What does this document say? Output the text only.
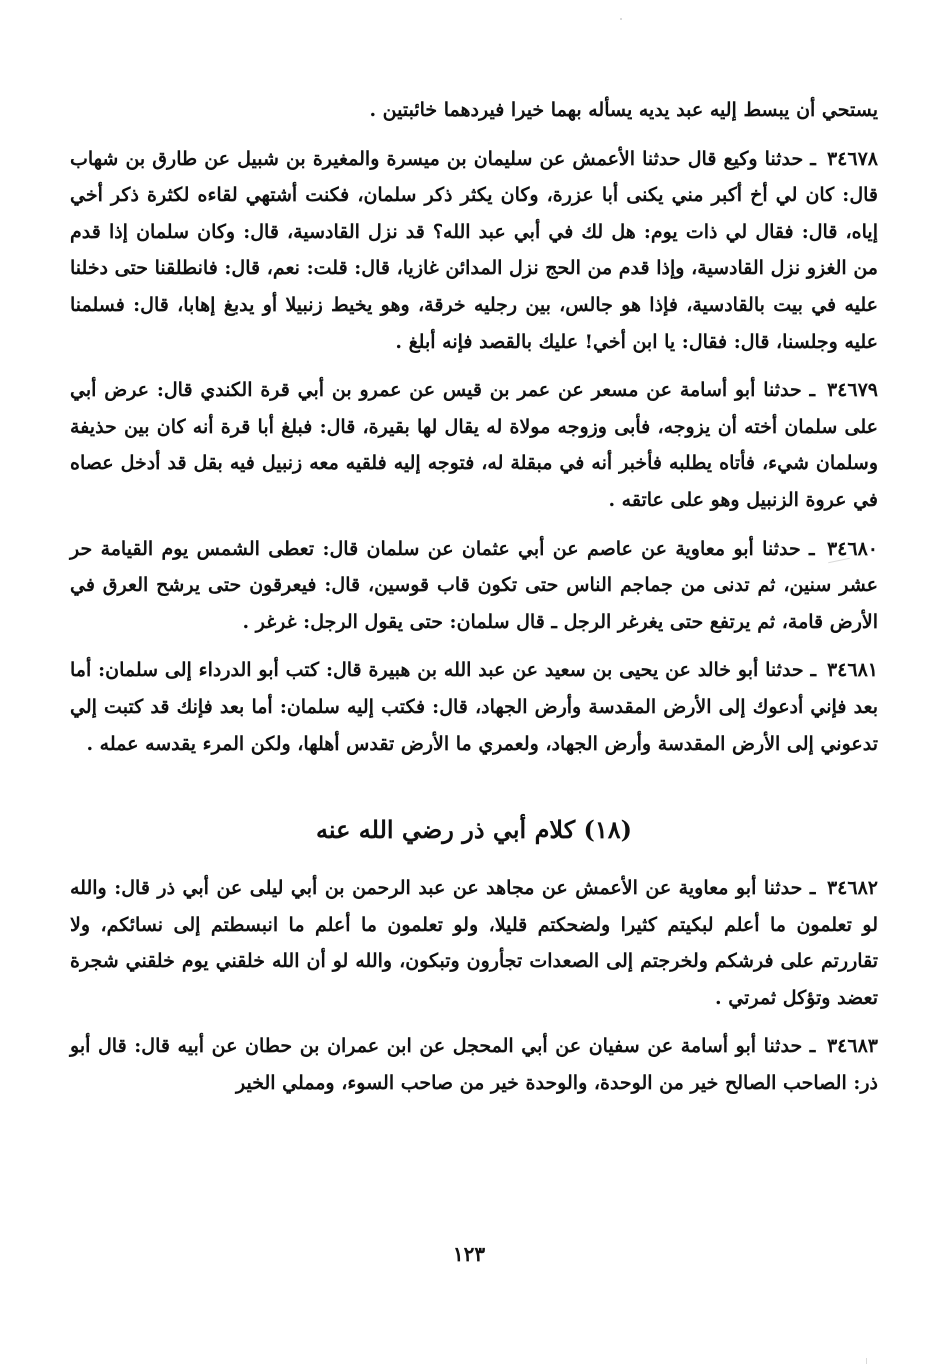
يستحي أن يبسط إليه عبد يديه يسأله بهما خيرا فيردهما خائبتين .

٣٤٦٧٨ ـ حدثنا وكيع قال حدثنا الأعمش عن سليمان بن ميسرة والمغيرة بن شبيل عن طارق بن شهاب قال: كان لي أخ أكبر مني يكنى أبا عزرة، وكان يكثر ذكر سلمان، فكنت أشتهي لقاءه لكثرة ذكر أخي إياه، قال: فقال لي ذات يوم: هل لك في أبي عبد الله؟ قد نزل القادسية، قال: وكان سلمان إذا قدم من الغزو نزل القادسية، وإذا قدم من الحج نزل المدائن غازيا، قال: قلت: نعم، قال: فانطلقنا حتى دخلنا عليه في بيت بالقادسية، فإذا هو جالس، بين رجليه خرقة، وهو يخيط زنبيلا أو يدبغ إهابا، قال: فسلمنا عليه وجلسنا، قال: فقال: يا ابن أخي! عليك بالقصد فإنه أبلغ .

٣٤٦٧٩ ـ حدثنا أبو أسامة عن مسعر عن عمر بن قيس عن عمرو بن أبي قرة الكندي قال: عرض أبي على سلمان أخته أن يزوجه، فأبى وزوجه مولاة له يقال لها بقيرة، قال: فبلغ أبا قرة أنه كان بين حذيفة وسلمان شيء، فأتاه يطلبه فأخبر أنه في مبقلة له، فتوجه إليه فلقيه معه زنبيل فيه بقل قد أدخل عصاه في عروة الزنبيل وهو على عاتقه .

٣٤٦٨٠ ـ حدثنا أبو معاوية عن عاصم عن أبي عثمان عن سلمان قال: تعطى الشمس يوم القيامة حر عشر سنين، ثم تدنى من جماجم الناس حتى تكون قاب قوسين، قال: فيعرقون حتى يرشح العرق في الأرض قامة، ثم يرتفع حتى يغرغر الرجل ـ قال سلمان: حتى يقول الرجل: غرغر .

٣٤٦٨١ ـ حدثنا أبو خالد عن يحيى بن سعيد عن عبد الله بن هبيرة قال: كتب أبو الدرداء إلى سلمان: أما بعد فإني أدعوك إلى الأرض المقدسة وأرض الجهاد، قال: فكتب إليه سلمان: أما بعد فإنك قد كتبت إلي تدعوني إلى الأرض المقدسة وأرض الجهاد، ولعمري ما الأرض تقدس أهلها، ولكن المرء يقدسه عمله .

(١٨) كلام أبي ذر رضي الله عنه

٣٤٦٨٢ ـ حدثنا أبو معاوية عن الأعمش عن مجاهد عن عبد الرحمن بن أبي ليلى عن أبي ذر قال: والله لو تعلمون ما أعلم لبكيتم كثيرا ولضحكتم قليلا، ولو تعلمون ما أعلم ما انبسطتم إلى نسائكم، ولا تقاررتم على فرشكم ولخرجتم إلى الصعدات تجأرون وتبكون، والله لو أن الله خلقني يوم خلقني شجرة تعضد وتؤكل ثمرتي .

٣٤٦٨٣ ـ حدثنا أبو أسامة عن سفيان عن أبي المحجل عن ابن عمران بن حطان عن أبيه قال: قال أبو ذر: الصاحب الصالح خير من الوحدة، والوحدة خير من صاحب السوء، ومملي الخير

١٢٣
